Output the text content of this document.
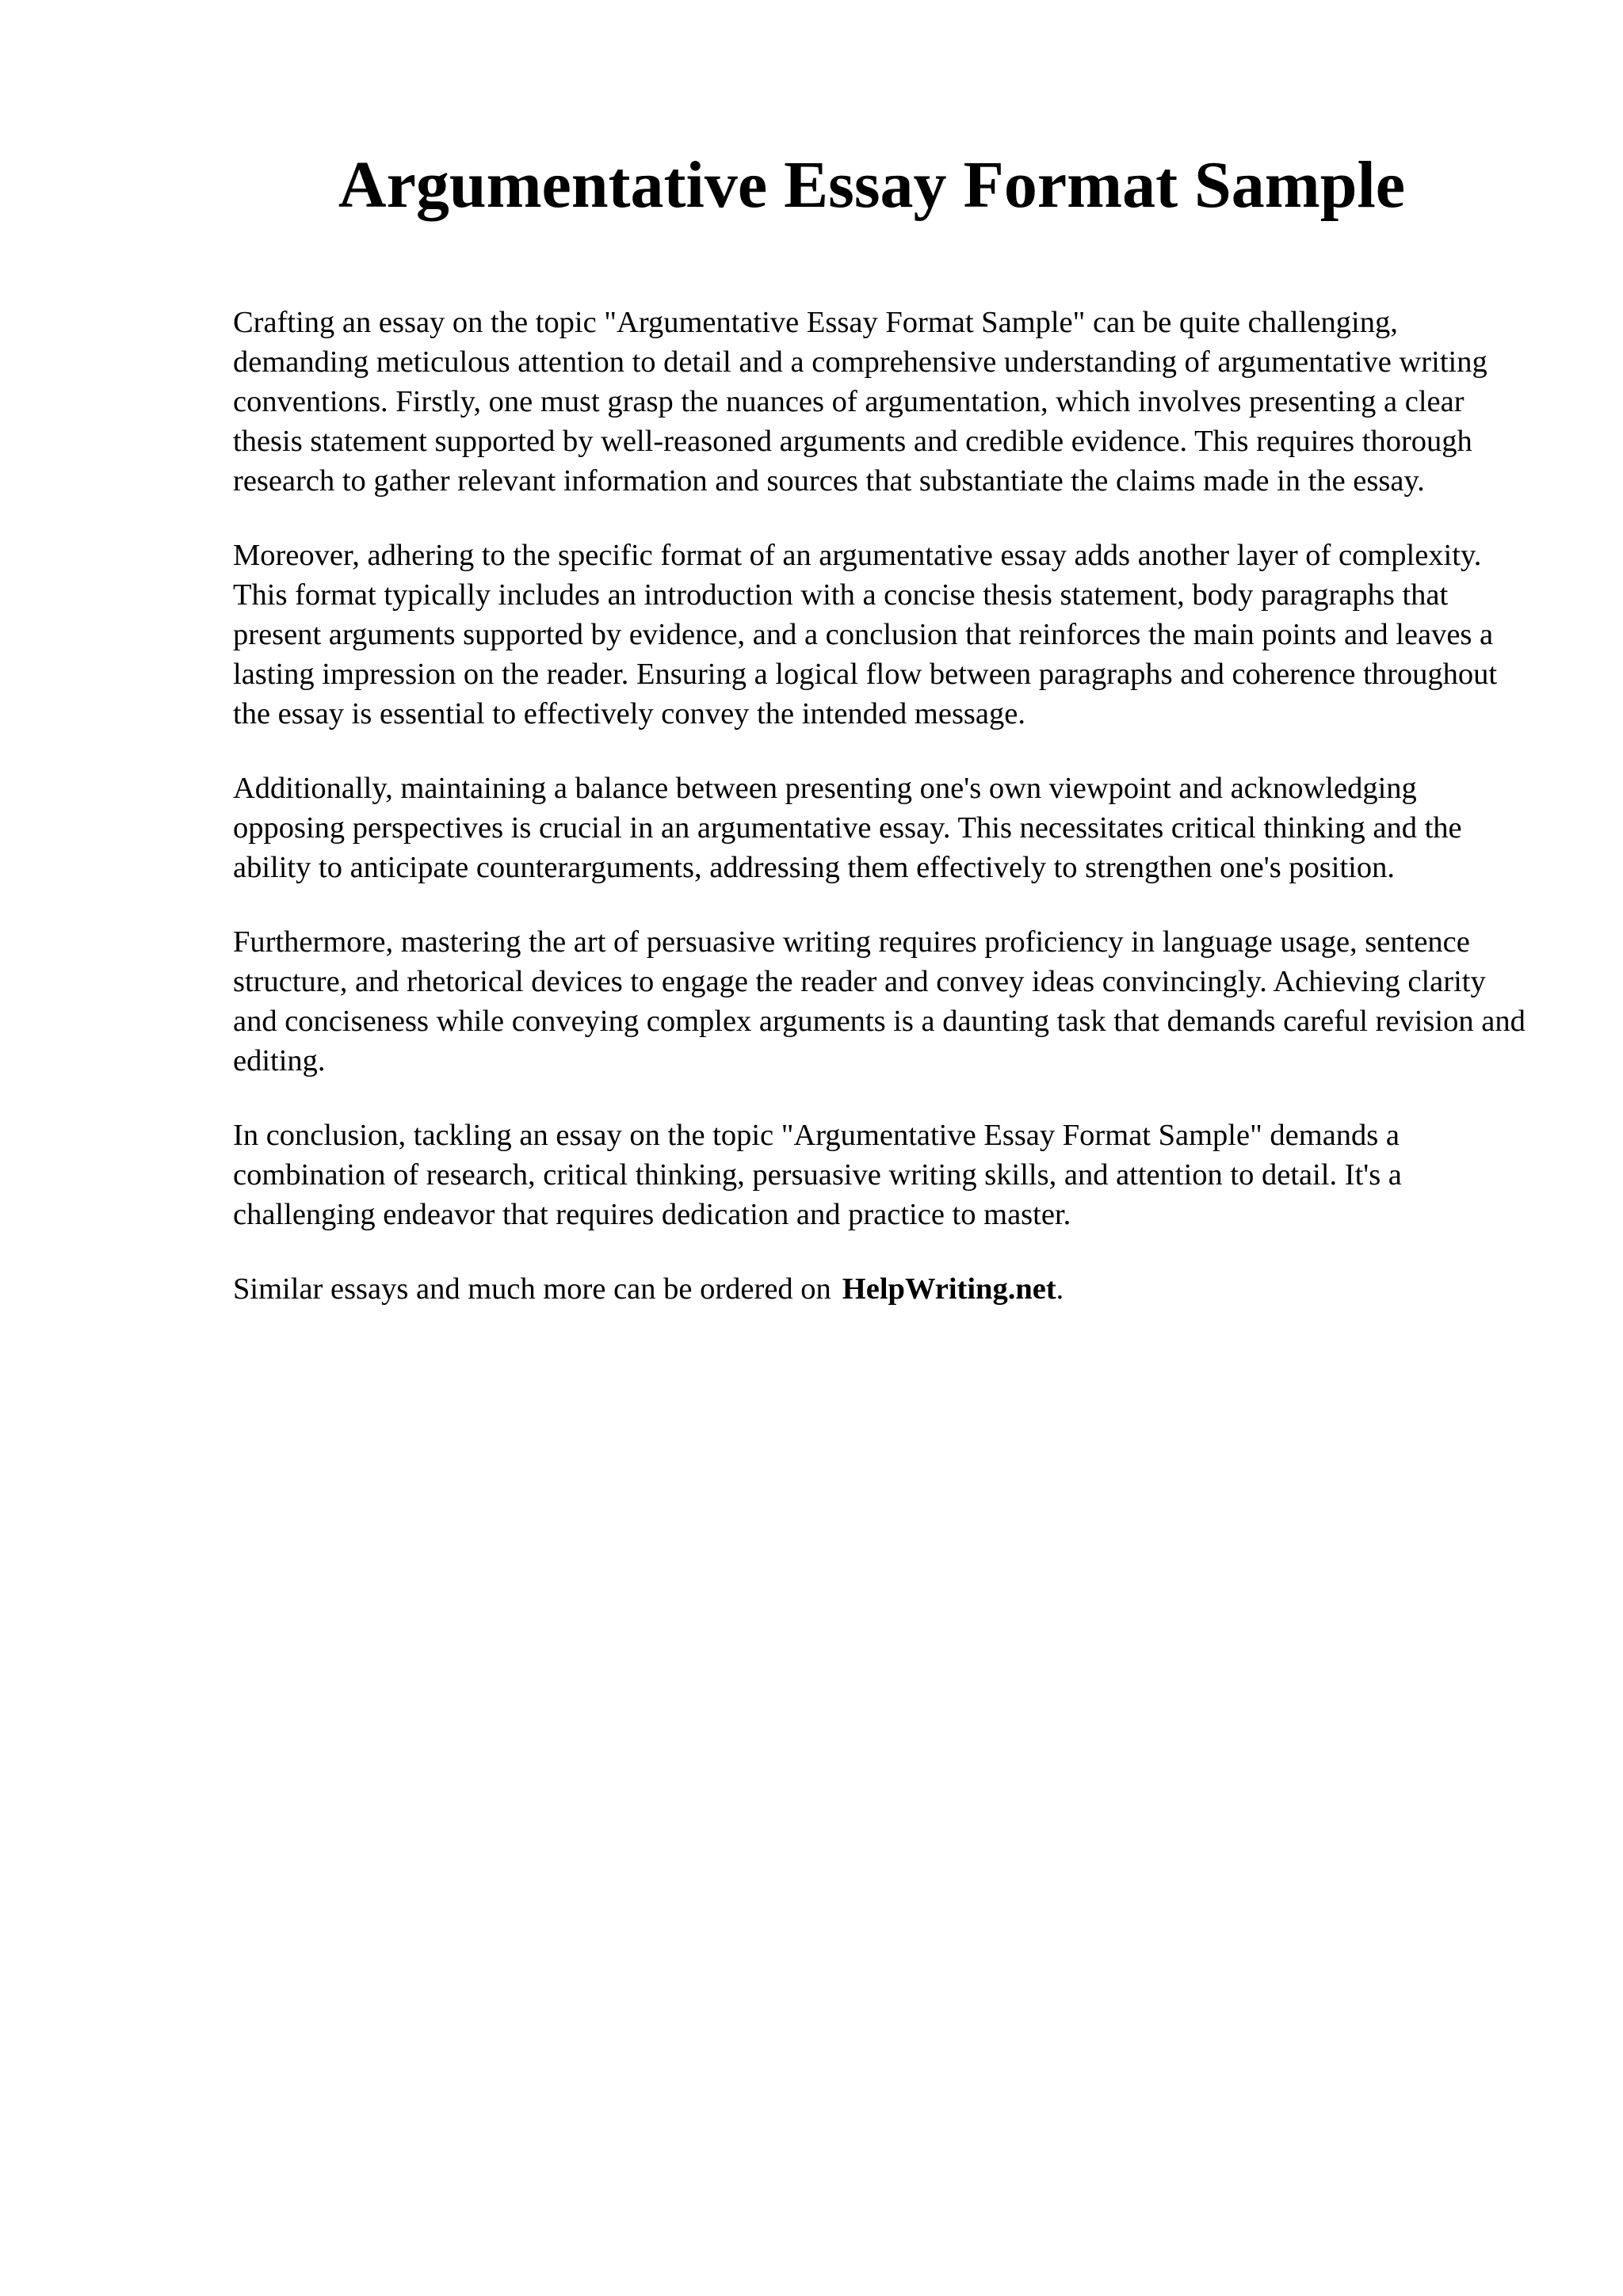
Argumentative Essay Format Sample

Crafting an essay on the topic "Argumentative Essay Format Sample" can be quite challenging, demanding meticulous attention to detail and a comprehensive understanding of argumentative writing conventions. Firstly, one must grasp the nuances of argumentation, which involves presenting a clear thesis statement supported by well-reasoned arguments and credible evidence. This requires thorough research to gather relevant information and sources that substantiate the claims made in the essay.

Moreover, adhering to the specific format of an argumentative essay adds another layer of complexity. This format typically includes an introduction with a concise thesis statement, body paragraphs that present arguments supported by evidence, and a conclusion that reinforces the main points and leaves a lasting impression on the reader. Ensuring a logical flow between paragraphs and coherence throughout the essay is essential to effectively convey the intended message.

Additionally, maintaining a balance between presenting one's own viewpoint and acknowledging opposing perspectives is crucial in an argumentative essay. This necessitates critical thinking and the ability to anticipate counterarguments, addressing them effectively to strengthen one's position.

Furthermore, mastering the art of persuasive writing requires proficiency in language usage, sentence structure, and rhetorical devices to engage the reader and convey ideas convincingly. Achieving clarity and conciseness while conveying complex arguments is a daunting task that demands careful revision and editing.

In conclusion, tackling an essay on the topic "Argumentative Essay Format Sample" demands a combination of research, critical thinking, persuasive writing skills, and attention to detail. It's a challenging endeavor that requires dedication and practice to master.

Similar essays and much more can be ordered on HelpWriting.net.
